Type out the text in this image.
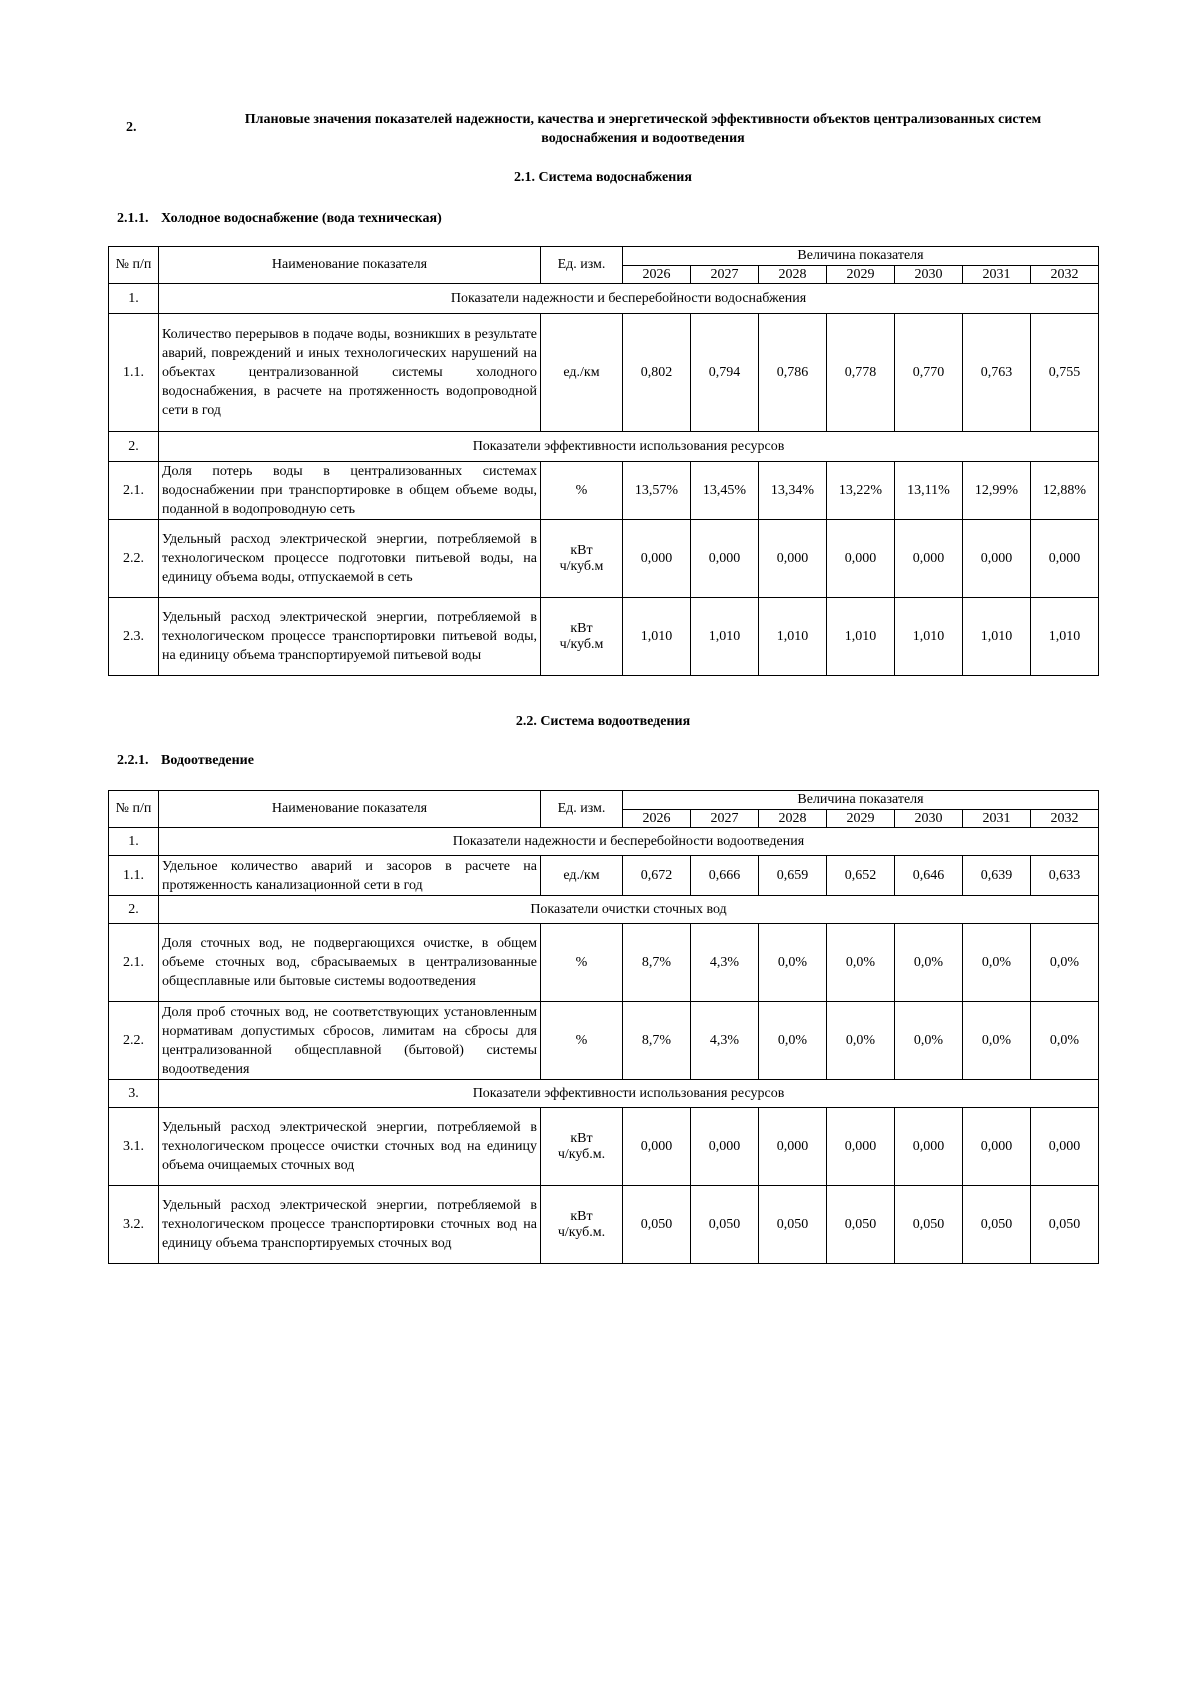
2.
Плановые значения показателей надежности, качества и энергетической эффективности объектов централизованных систем
водоснабжения и водоотведения
2.1. Система водоснабжения
2.1.1. Холодное водоснабжение (вода техническая)
№ п/п	Наименование показателя	Ед. изм.	Величина показателя						
			2026	2027	2028	2029	2030	2031	2032
1.	Показатели надежности и бесперебойности водоснабжения								
1.1.	Количество перерывов в подаче воды, возникших в результате аварий, повреждений и иных технологических нарушений на объектах централизованной системы холодного водоснабжения, в расчете на протяженность водопроводной сети в год	ед./км	0,802	0,794	0,786	0,778	0,770	0,763	0,755
2.	Показатели эффективности использования ресурсов								
2.1.	Доля потерь воды в централизованных системах водоснабжении при транспортировке в общем объеме воды, поданной в водопроводную сеть	%	13,57%	13,45%	13,34%	13,22%	13,11%	12,99%	12,88%
2.2.	Удельный расход электрической энергии, потребляемой в технологическом процессе подготовки питьевой воды, на единицу объема воды, отпускаемой в сеть	кВт
ч/куб.м	0,000	0,000	0,000	0,000	0,000	0,000	0,000
2.3.	Удельный расход электрической энергии, потребляемой в технологическом процессе транспортировки питьевой воды, на единицу объема транспортируемой питьевой воды	кВт
ч/куб.м	1,010	1,010	1,010	1,010	1,010	1,010	1,010
2.2. Система водоотведения
2.2.1. Водоотведение
№ п/п	Наименование показателя	Ед. изм.	Величина показателя						
			2026	2027	2028	2029	2030	2031	2032
1.	Показатели надежности и бесперебойности водоотведения								
1.1.	Удельное количество аварий и засоров в расчете на протяженность канализационной сети в год	ед./км	0,672	0,666	0,659	0,652	0,646	0,639	0,633
2.	Показатели очистки сточных вод								
2.1.	Доля сточных вод, не подвергающихся очистке, в общем объеме сточных вод, сбрасываемых в централизованные общесплавные или бытовые системы водоотведения	%	8,7%	4,3%	0,0%	0,0%	0,0%	0,0%	0,0%
2.2.	Доля проб сточных вод, не соответствующих установленным нормативам допустимых сбросов, лимитам на сбросы для централизованной общесплавной (бытовой) системы водоотведения	%	8,7%	4,3%	0,0%	0,0%	0,0%	0,0%	0,0%
3.	Показатели эффективности использования ресурсов								
3.1.	Удельный расход электрической энергии, потребляемой в технологическом процессе очистки сточных вод на единицу объема очищаемых сточных вод	кВт
ч/куб.м.	0,000	0,000	0,000	0,000	0,000	0,000	0,000
3.2.	Удельный расход электрической энергии, потребляемой в технологическом процессе транспортировки сточных вод на единицу объема транспортируемых сточных вод	кВт
ч/куб.м.	0,050	0,050	0,050	0,050	0,050	0,050	0,050
